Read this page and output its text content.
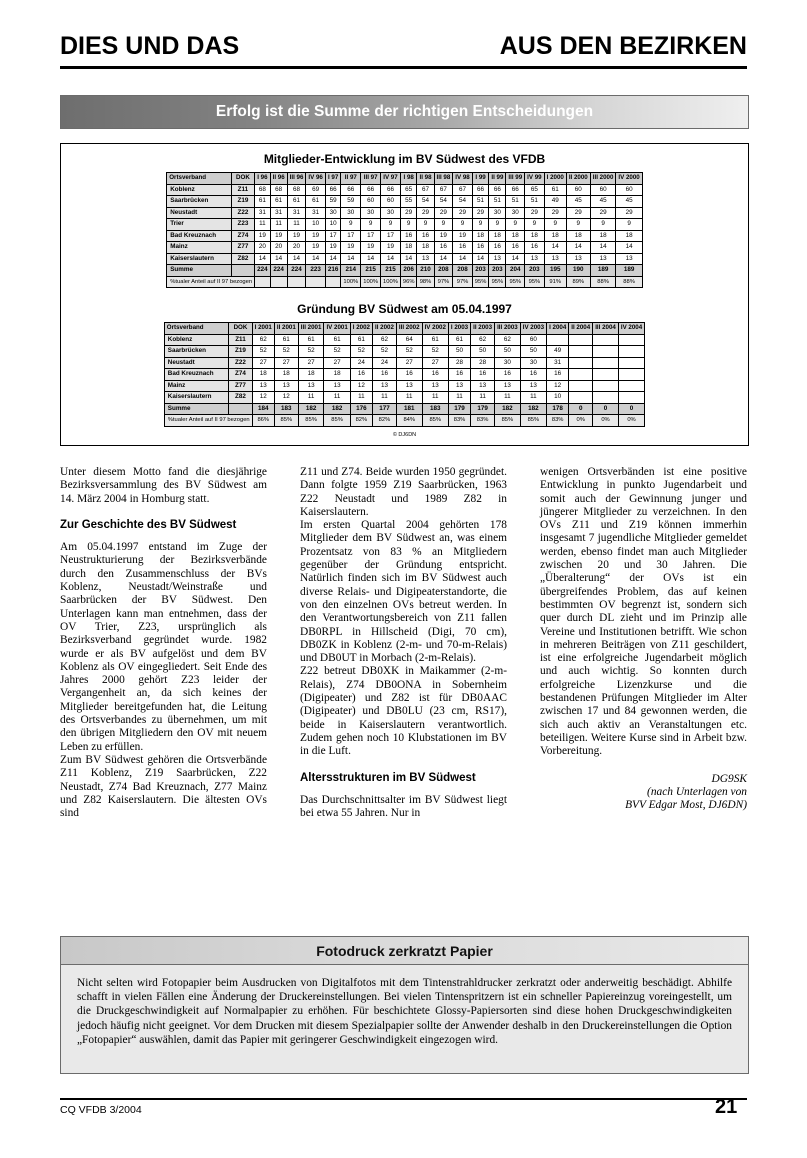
DIES UND DAS	AUS DEN BEZIRKEN
Erfolg ist die Summe der richtigen Entscheidungen
Mitglieder-Entwicklung im BV Südwest des VFDB
Ortsverband	DOK	I 96	II 96	III 96	IV 96	I 97	II 97	III 97	IV 97	I 98	II 98	III 98	IV 98	I 99	II 99	III 99	IV 99	I 2000	II 2000	III 2000	IV 2000
Koblenz	Z11	68	68	68	69	66	66	66	66	65	67	67	67	66	66	66	65	61	60	60	60
Saarbrücken	Z19	61	61	61	61	59	59	60	60	55	54	54	54	51	51	51	51	49	45	45	45
Neustadt	Z22	31	31	31	31	30	30	30	30	29	29	29	29	29	30	30	29	29	29	29	29
Trier	Z23	11	11	11	10	10	9	9	9	9	9	9	9	9	9	9	9	9	9	9	9
Bad Kreuznach	Z74	19	19	19	19	17	17	17	17	16	16	19	19	18	18	18	18	18	18	18	18
Mainz	Z77	20	20	20	19	19	19	19	19	18	18	16	16	16	16	16	16	14	14	14	14
Kaiserslautern	Z82	14	14	14	14	14	14	14	14	14	13	14	14	14	13	14	13	13	13	13	13
Summe		224	224	224	223	216	214	215	215	206	210	208	208	203	203	204	203	195	190	189	189
%tualer Anteil auf II 97 bezogen							100%	100%	100%	96%	98%	97%	97%	95%	95%	95%	95%	91%	89%	88%	88%
Gründung BV Südwest am 05.04.1997
Ortsverband	DOK	I 2001	II 2001	III 2001	IV 2001	I 2002	II 2002	III 2002	IV 2002	I 2003	II 2003	III 2003	IV 2003	I 2004	II 2004	III 2004	IV 2004
Koblenz	Z11	62	61	61	61	61	62	64	61	61	62	62	60				
Saarbrücken	Z19	52	52	52	52	52	52	52	52	50	50	50	50	49			
Neustadt	Z22	27	27	27	27	24	24	27	27	28	28	30	30	31			
Bad Kreuznach	Z74	18	18	18	18	16	16	16	16	16	16	16	16	16			
Mainz	Z77	13	13	13	13	12	13	13	13	13	13	13	13	12			
Kaiserslautern	Z82	12	12	11	11	11	11	11	11	11	11	11	11	10			
Summe		184	183	182	182	176	177	181	183	179	179	182	182	178	0	0	0
%tualer Anteil auf II 97 bezogen		86%	85%	85%	85%	82%	82%	84%	85%	83%	83%	85%	85%	83%	0%	0%	0%
© DJ6DN

Unter diesem Motto fand die diesjährige Bezirksversammlung des BV Südwest am 14. März 2004 in Homburg statt.

Zur Geschichte des BV Südwest

Am 05.04.1997 entstand im Zuge der Neustrukturierung der Bezirksverbände durch den Zusammenschluss der BVs Koblenz, Neustadt/Weinstraße und Saarbrücken der BV Südwest. Den Unterlagen kann man entnehmen, dass der OV Trier, Z23, ursprünglich als Bezirksverband gegründet wurde. 1982 wurde er als BV aufgelöst und dem BV Koblenz als OV eingegliedert. Seit Ende des Jahres 2000 gehört Z23 leider der Vergangenheit an, da sich keines der Mitglieder bereitgefunden hat, die Leitung des Ortsverbandes zu übernehmen, um mit den übrigen Mitgliedern den OV mit neuem Leben zu erfüllen.

Zum BV Südwest gehören die Ortsverbände Z11 Koblenz, Z19 Saarbrücken, Z22 Neustadt, Z74 Bad Kreuznach, Z77 Mainz und Z82 Kaiserslautern. Die ältesten OVs sind

Z11 und Z74. Beide wurden 1950 gegründet. Dann folgte 1959 Z19 Saarbrücken, 1963 Z22 Neustadt und 1989 Z82 in Kaiserslautern.

Im ersten Quartal 2004 gehörten 178 Mitglieder dem BV Südwest an, was einem Prozentsatz von 83 % an Mitgliedern gegenüber der Gründung entspricht. Natürlich finden sich im BV Südwest auch diverse Relais- und Digipeaterstandorte, die von den einzelnen OVs betreut werden. In den Verantwortungsbereich von Z11 fallen DB0RPL in Hillscheid (Digi, 70 cm), DB0ZK in Koblenz (2-m- und 70-m-Relais) und DB0UT in Morbach (2-m-Relais).

Z22 betreut DB0XK in Maikammer (2-m-Relais), Z74 DB0ONA in Sobernheim (Digipeater) und Z82 ist für DB0AAC (Digipeater) und DB0LU (23 cm, RS17), beide in Kaiserslautern verantwortlich. Zudem gehen noch 10 Klubstationen im BV in die Luft.

Altersstrukturen im BV Südwest

Das Durchschnittsalter im BV Südwest liegt bei etwa 55 Jahren. Nur in

wenigen Ortsverbänden ist eine positive Entwicklung in punkto Jugendarbeit und somit auch der Gewinnung junger und jüngerer Mitglieder zu verzeichnen. In den OVs Z11 und Z19 können immerhin insgesamt 7 jugendliche Mitglieder gemeldet werden, ebenso findet man auch Mitglieder zwischen 20 und 30 Jahren. Die „Überalterung“ der OVs ist ein übergreifendes Problem, das auf keinen bestimmten OV begrenzt ist, sondern sich quer durch DL zieht und im Prinzip alle Vereine und Institutionen betrifft. Wie schon in mehreren Beiträgen von Z11 geschildert, ist eine erfolgreiche Jugendarbeit möglich und auch wichtig. So konnten durch erfolgreiche Lizenzkurse und die bestandenen Prüfungen Mitglieder im Alter zwischen 17 und 84 gewonnen werden, die sich auch aktiv an Veranstaltungen etc. beteiligen. Weitere Kurse sind in Arbeit bzw. Vorbereitung.

DG9SK
(nach Unterlagen von
BVV Edgar Most, DJ6DN)
Fotodruck zerkratzt Papier

Nicht selten wird Fotopapier beim Ausdrucken von Digitalfotos mit dem Tintenstrahldrucker zerkratzt oder anderweitig beschädigt. Abhilfe schafft in vielen Fällen eine Änderung der Druckereinstellungen. Bei vielen Tintenspritzern ist ein schneller Papiereinzug voreingestellt, um die Druckgeschwindigkeit auf Normalpapier zu erhöhen. Für beschichtete Glossy-Papiersorten sind diese hohen Druckgeschwindigkeiten jedoch häufig nicht geeignet. Vor dem Drucken mit diesem Spezialpapier sollte der Anwender deshalb in den Druckereinstellungen die Option „Fotopapier“ auswählen, damit das Papier mit geringerer Geschwindigkeit eingezogen wird.

CQ VFDB 3/2004	21
